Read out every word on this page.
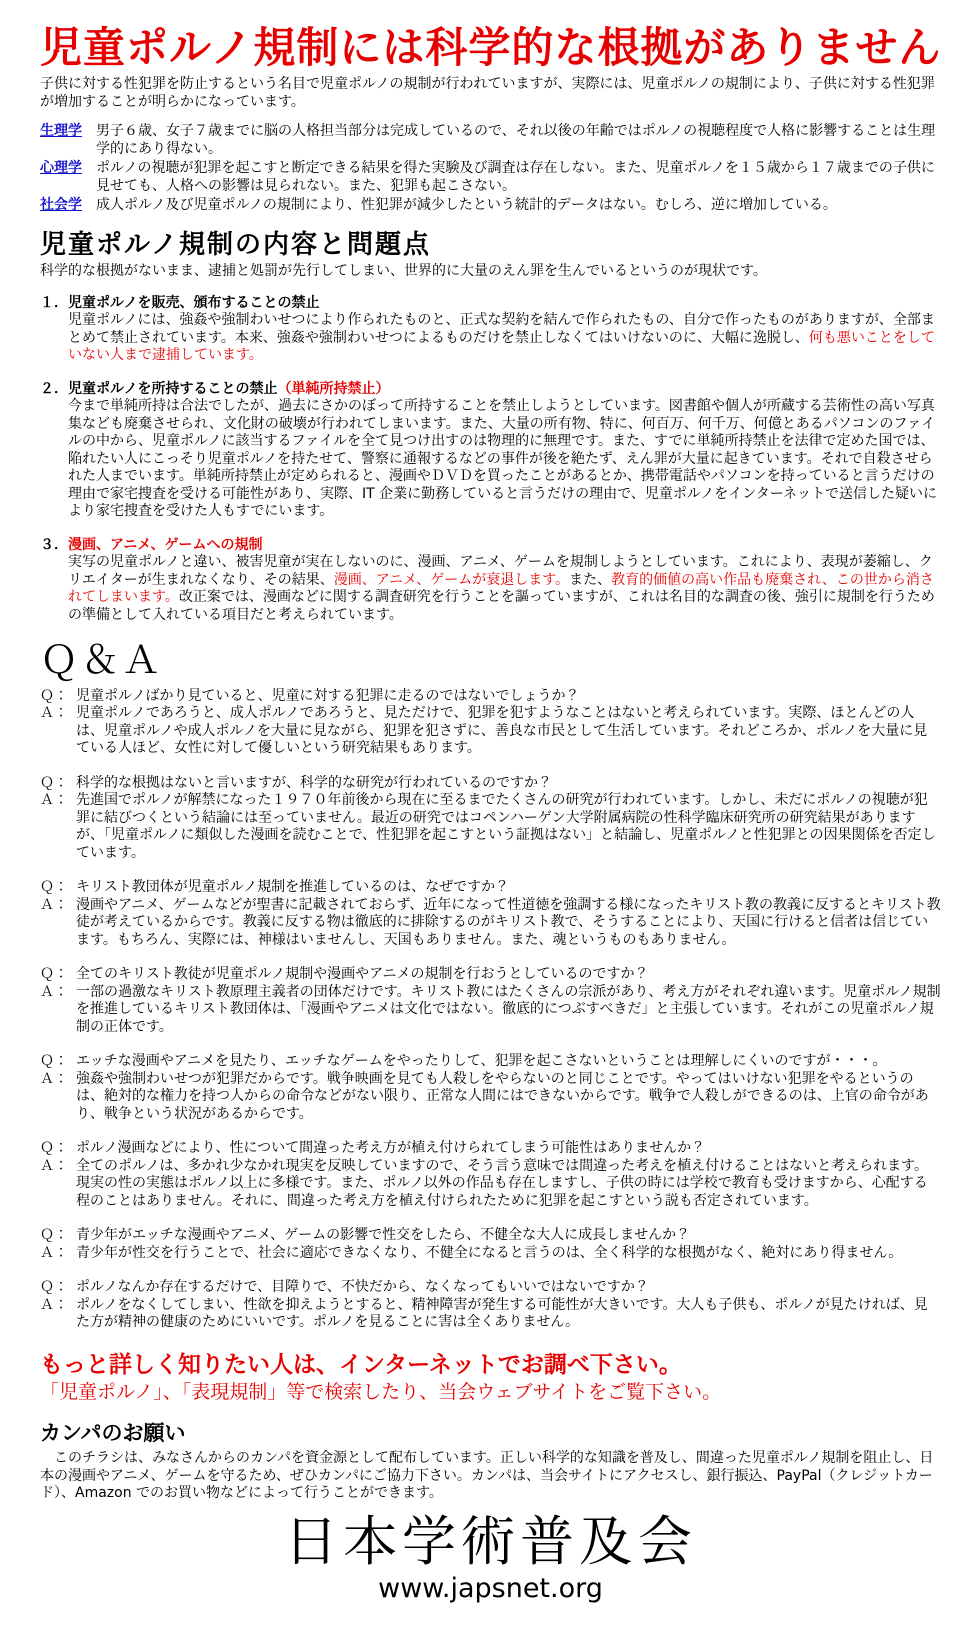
児童ポルノ規制には科学的な根拠がありません

子供に対する性犯罪を防止するという名目で児童ポルノの規制が行われていますが、実際には、児童ポルノの規制により、子供に対する性犯罪が増加することが明らかになっています。

生理学	男子６歳、女子７歳までに脳の人格担当部分は完成しているので、それ以後の年齢ではポルノの視聴程度で人格に影響することは生理学的にあり得ない。
心理学	ポルノの視聴が犯罪を起こすと断定できる結果を得た実験及び調査は存在しない。また、児童ポルノを１５歳から１７歳までの子供に見せても、人格への影響は見られない。また、犯罪も起こさない。
社会学	成人ポルノ及び児童ポルノの規制により、性犯罪が減少したという統計的データはない。むしろ、逆に増加している。
児童ポルノ規制の内容と問題点

科学的な根拠がないまま、逮捕と処罰が先行してしまい、世界的に大量のえん罪を生んでいるというのが現状です。

１． 児童ポルノを販売、頒布することの禁止
児童ポルノには、強姦や強制わいせつにより作られたものと、正式な契約を結んで作られたもの、自分で作ったものがありますが、全部まとめて禁止されています。本来、強姦や強制わいせつによるものだけを禁止しなくてはいけないのに、大幅に逸脱し、何も悪いことをしていない人まで逮捕しています。
２． 児童ポルノを所持することの禁止（単純所持禁止）
今まで単純所持は合法でしたが、過去にさかのぼって所持することを禁止しようとしています。図書館や個人が所蔵する芸術性の高い写真集なども廃棄させられ、文化財の破壊が行われてしまいます。また、大量の所有物、特に、何百万、何千万、何億とあるパソコンのファイルの中から、児童ポルノに該当するファイルを全て見つけ出すのは物理的に無理です。また、すでに単純所持禁止を法律で定めた国では、陥れたい人にこっそり児童ポルノを持たせて、警察に通報するなどの事件が後を絶たず、えん罪が大量に起きています。それで自殺させられた人までいます。単純所持禁止が定められると、漫画やＤＶＤを買ったことがあるとか、携帯電話やパソコンを持っていると言うだけの理由で家宅捜査を受ける可能性があり、実際、IT 企業に勤務していると言うだけの理由で、児童ポルノをインターネットで送信した疑いにより家宅捜査を受けた人もすでにいます。
３． 漫画、アニメ、ゲームへの規制
実写の児童ポルノと違い、被害児童が実在しないのに、漫画、アニメ、ゲームを規制しようとしています。これにより、表現が萎縮し、クリエイターが生まれなくなり、その結果、漫画、アニメ、ゲームが衰退します。また、教育的価値の高い作品も廃棄され、この世から消されてしまいます。改正案では、漫画などに関する調査研究を行うことを謳っていますが、これは名目的な調査の後、強引に規制を行うための準備として入れている項目だと考えられています。
Ｑ＆Ａ
Ｑ： 児童ポルノばかり見ていると、児童に対する犯罪に走るのではないでしょうか？
Ａ： 児童ポルノであろうと、成人ポルノであろうと、見ただけで、犯罪を犯すようなことはないと考えられています。実際、ほとんどの人は、児童ポルノや成人ポルノを大量に見ながら、犯罪を犯さずに、善良な市民として生活しています。それどころか、ポルノを大量に見ている人ほど、女性に対して優しいという研究結果もあります。
Ｑ： 科学的な根拠はないと言いますが、科学的な研究が行われているのですか？
Ａ： 先進国でポルノが解禁になった１９７０年前後から現在に至るまでたくさんの研究が行われています。しかし、未だにポルノの視聴が犯罪に結びつくという結論には至っていません。最近の研究ではコペンハーゲン大学附属病院の性科学臨床研究所の研究結果がありますが、「児童ポルノに類似した漫画を読むことで、性犯罪を起こすという証拠はない」と結論し、児童ポルノと性犯罪との因果関係を否定しています。
Ｑ： キリスト教団体が児童ポルノ規制を推進しているのは、なぜですか？
Ａ： 漫画やアニメ、ゲームなどが聖書に記載されておらず、近年になって性道徳を強調する様になったキリスト教の教義に反するとキリスト教徒が考えているからです。教義に反する物は徹底的に排除するのがキリスト教で、そうすることにより、天国に行けると信者は信じています。もちろん、実際には、神様はいませんし、天国もありません。また、魂というものもありません。
Ｑ： 全てのキリスト教徒が児童ポルノ規制や漫画やアニメの規制を行おうとしているのですか？
Ａ： 一部の過激なキリスト教原理主義者の団体だけです。キリスト教にはたくさんの宗派があり、考え方がそれぞれ違います。児童ポルノ規制を推進しているキリスト教団体は、「漫画やアニメは文化ではない。徹底的につぶすべきだ」と主張しています。それがこの児童ポルノ規制の正体です。
Ｑ： エッチな漫画やアニメを見たり、エッチなゲームをやったりして、犯罪を起こさないということは理解しにくいのですが・・・。
Ａ： 強姦や強制わいせつが犯罪だからです。戦争映画を見ても人殺しをやらないのと同じことです。やってはいけない犯罪をやるというのは、絶対的な権力を持つ人からの命令などがない限り、正常な人間にはできないからです。戦争で人殺しができるのは、上官の命令があり、戦争という状況があるからです。
Ｑ： ポルノ漫画などにより、性について間違った考え方が植え付けられてしまう可能性はありませんか？
Ａ： 全てのポルノは、多かれ少なかれ現実を反映していますので、そう言う意味では間違った考えを植え付けることはないと考えられます。現実の性の実態はポルノ以上に多様です。また、ポルノ以外の作品も存在しますし、子供の時には学校で教育も受けますから、心配する程のことはありません。それに、間違った考え方を植え付けられたために犯罪を起こすという説も否定されています。
Ｑ： 青少年がエッチな漫画やアニメ、ゲームの影響で性交をしたら、不健全な大人に成長しませんか？
Ａ： 青少年が性交を行うことで、社会に適応できなくなり、不健全になると言うのは、全く科学的な根拠がなく、絶対にあり得ません。
Ｑ： ポルノなんか存在するだけで、目障りで、不快だから、なくなってもいいではないですか？
Ａ： ポルノをなくしてしまい、性欲を抑えようとすると、精神障害が発生する可能性が大きいです。大人も子供も、ポルノが見たければ、見た方が精神の健康のためにいいです。ポルノを見ることに害は全くありません。
もっと詳しく知りたい人は、インターネットでお調べ下さい。
「児童ポルノ」、「表現規制」等で検索したり、当会ウェブサイトをご覧下さい。
カンパのお願い

このチラシは、みなさんからのカンパを資金源として配布しています。正しい科学的な知識を普及し、間違った児童ポルノ規制を阻止し、日本の漫画やアニメ、ゲームを守るため、ぜひカンパにご協力下さい。カンパは、当会サイトにアクセスし、銀行振込、PayPal（クレジットカード）、Amazon でのお買い物などによって行うことができます。

日本学術普及会
www.japsnet.org
